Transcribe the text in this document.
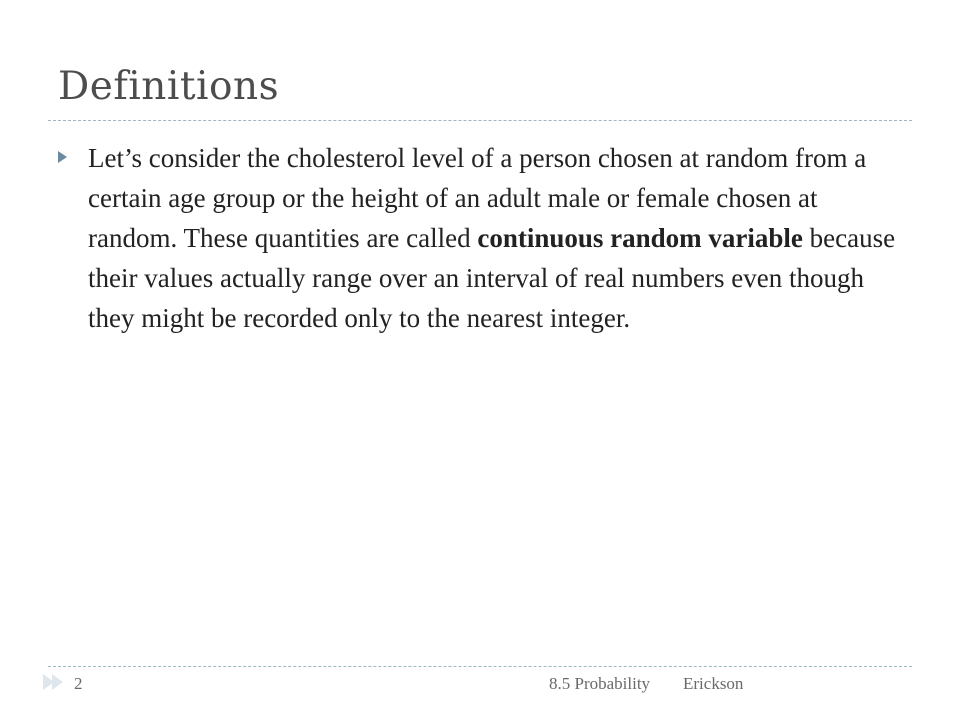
Definitions
Let’s consider the cholesterol level of a person chosen at random from a certain age group or the height of an adult male or female chosen at random. These quantities are called continuous random variable because their values actually range over an interval of real numbers even though they might be recorded only to the nearest integer.
2	8.5 Probability Erickson
